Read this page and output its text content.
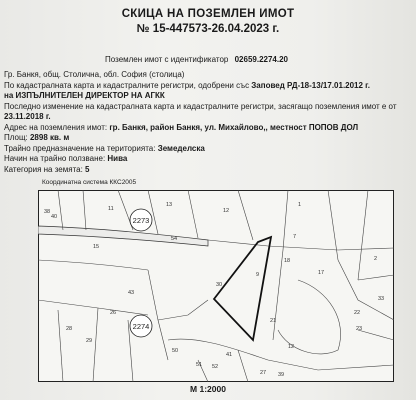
СКИЦА НА ПОЗЕМЛЕН ИМОТ
№ 15-447573-26.04.2023 г.
Поземлен имот с идентификатор 02659.2274.20
Гр. Банкя, общ. Столична, обл. София (столица)
По кадастралната карта и кадастралните регистри, одобрени със Заповед РД-18-13/17.01.2012 г.
на ИЗПЪЛНИТЕЛЕН ДИРЕКТОР НА АГКК
Последно изменение на кадастралната карта и кадастралните регистри, засягащо поземления имот е от
23.11.2018 г.
Адрес на поземления имот: гр. Банкя, район Банкя, ул. Михайлово,, местност ПОПОВ ДОЛ
Площ: 2898 кв. м
Трайно предназначение на територията: Земеделска
Начин на трайно ползване: Нива
Категория на земята: 5
Координатна система ККС2005
2273
2274
38
40
11
13
12
1
54
15
7
18
17
9
30
43
26
28
21
22
23
29
50
51 52
41
27 39
12
2
33
М 1:2000
